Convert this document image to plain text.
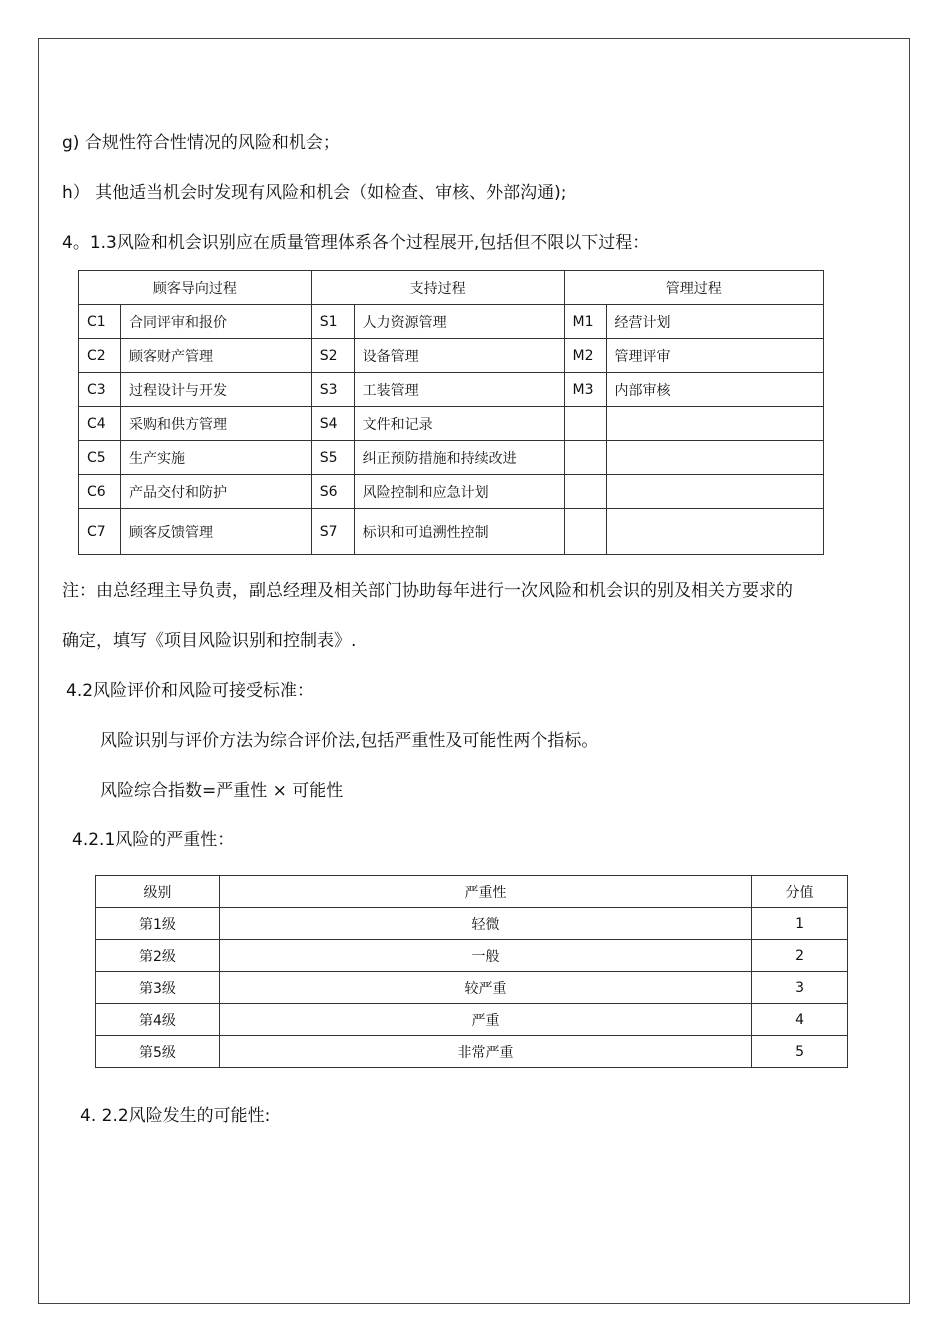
g) 合规性符合性情况的风险和机会；
h） 其他适当机会时发现有风险和机会（如检查、审核、外部沟通);
4。1.3风险和机会识别应在质量管理体系各个过程展开,包括但不限以下过程：
顾客导向过程		支持过程		管理过程	
C1	合同评审和报价	S1	人力资源管理	M1	经营计划
C2	顾客财产管理	S2	设备管理	M2	管理评审
C3	过程设计与开发	S3	工装管理	M3	内部审核
C4	采购和供方管理	S4	文件和记录		
C5	生产实施	S5	纠正预防措施和持续改进		
C6	产品交付和防护	S6	风险控制和应急计划		
C7	顾客反馈管理	S7	标识和可追溯性控制		
注：由总经理主导负责，副总经理及相关部门协助每年进行一次风险和机会识的别及相关方要求的
确定，填写《项目风险识别和控制表》.
4.2风险评价和风险可接受标准：
风险识别与评价方法为综合评价法,包括严重性及可能性两个指标。
风险综合指数=严重性 × 可能性
4.2.1风险的严重性：
级别	严重性	分值
第1级	轻微	1
第2级	一般	2
第3级	较严重	3
第4级	严重	4
第5级	非常严重	5
4. 2.2风险发生的可能性:
